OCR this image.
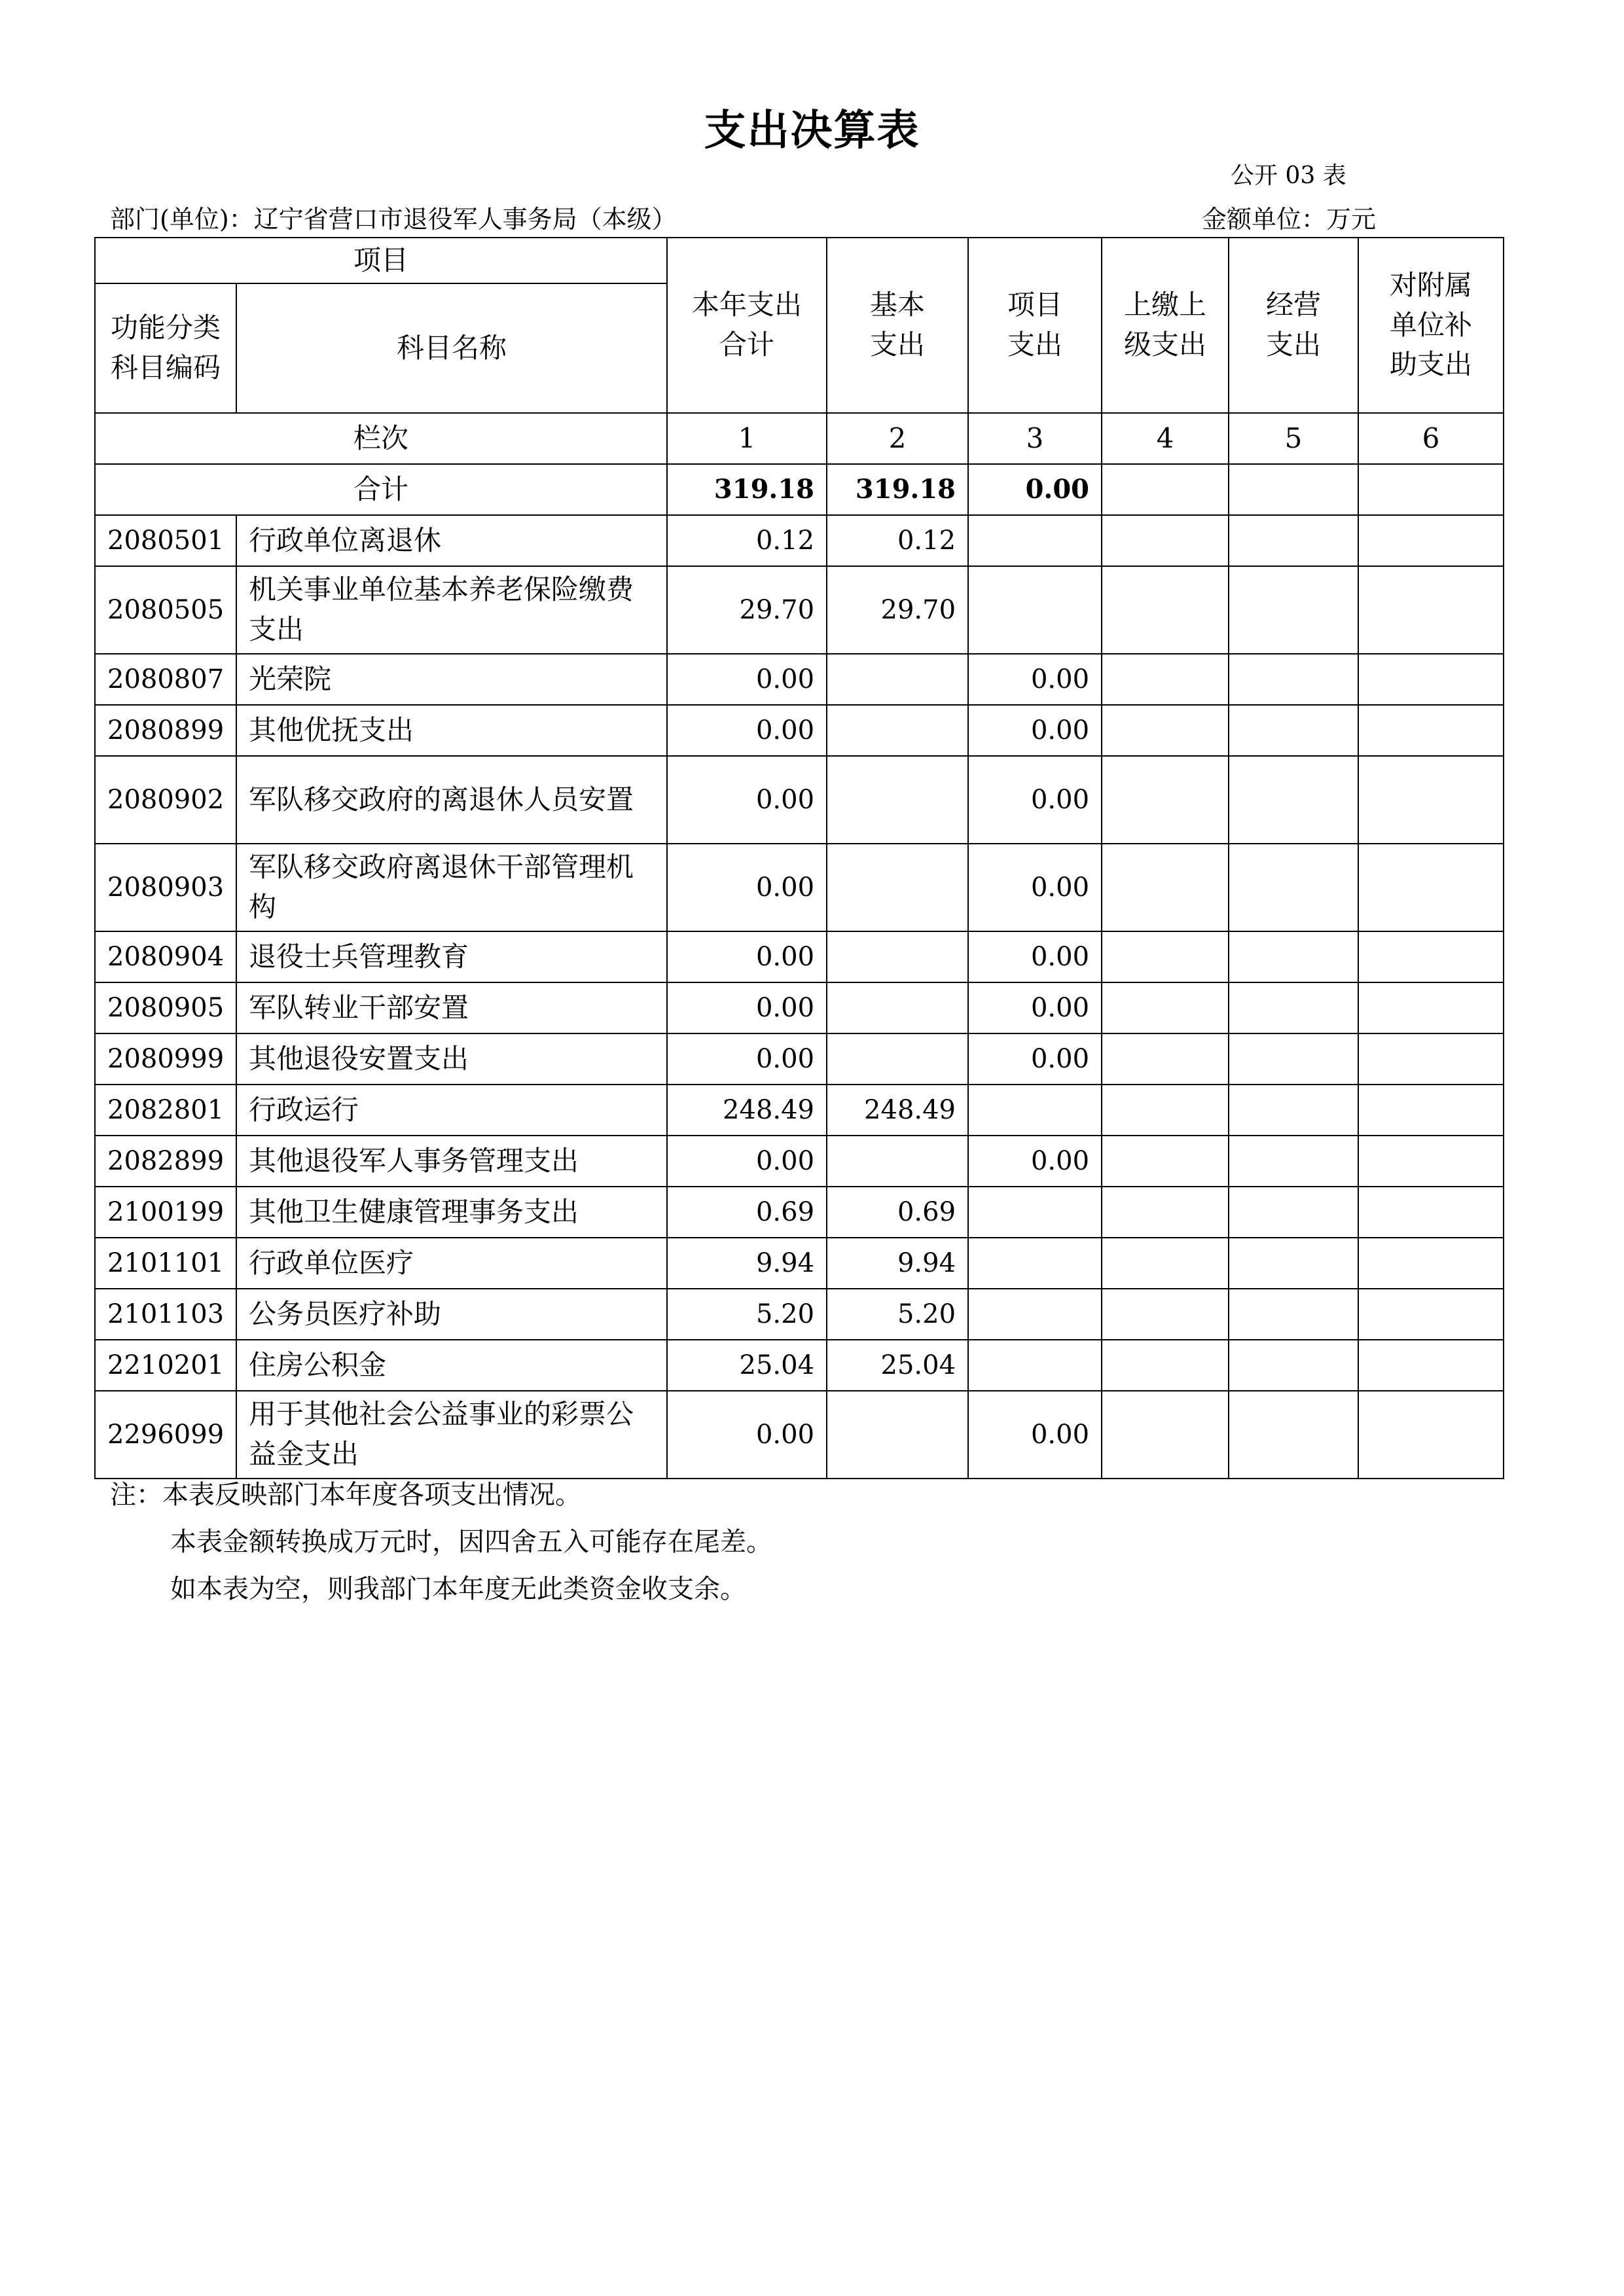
支出决算表
公开 03 表
部门(单位)：辽宁省营口市退役军人事务局（本级）	金额单位：万元
项目		本年支出合计	基本支出	项目支出	上缴上级支出	经营支出	对附属单位补助支出
功能分类科目编码	科目名称						
栏次		1	2	3	4	5	6
合计		319.18	319.18	0.00			
2080501	行政单位离退休	0.12	0.12				
2080505	机关事业单位基本养老保险缴费支出	29.70	29.70				
2080807	光荣院	0.00		0.00			
2080899	其他优抚支出	0.00		0.00			
2080902	军队移交政府的离退休人员安置	0.00		0.00			
2080903	军队移交政府离退休干部管理机构	0.00		0.00			
2080904	退役士兵管理教育	0.00		0.00			
2080905	军队转业干部安置	0.00		0.00			
2080999	其他退役安置支出	0.00		0.00			
2082801	行政运行	248.49	248.49				
2082899	其他退役军人事务管理支出	0.00		0.00			
2100199	其他卫生健康管理事务支出	0.69	0.69				
2101101	行政单位医疗	9.94	9.94				
2101103	公务员医疗补助	5.20	5.20				
2210201	住房公积金	25.04	25.04				
2296099	用于其他社会公益事业的彩票公益金支出	0.00		0.00			
注：本表反映部门本年度各项支出情况。
本表金额转换成万元时，因四舍五入可能存在尾差。
如本表为空，则我部门本年度无此类资金收支余。
